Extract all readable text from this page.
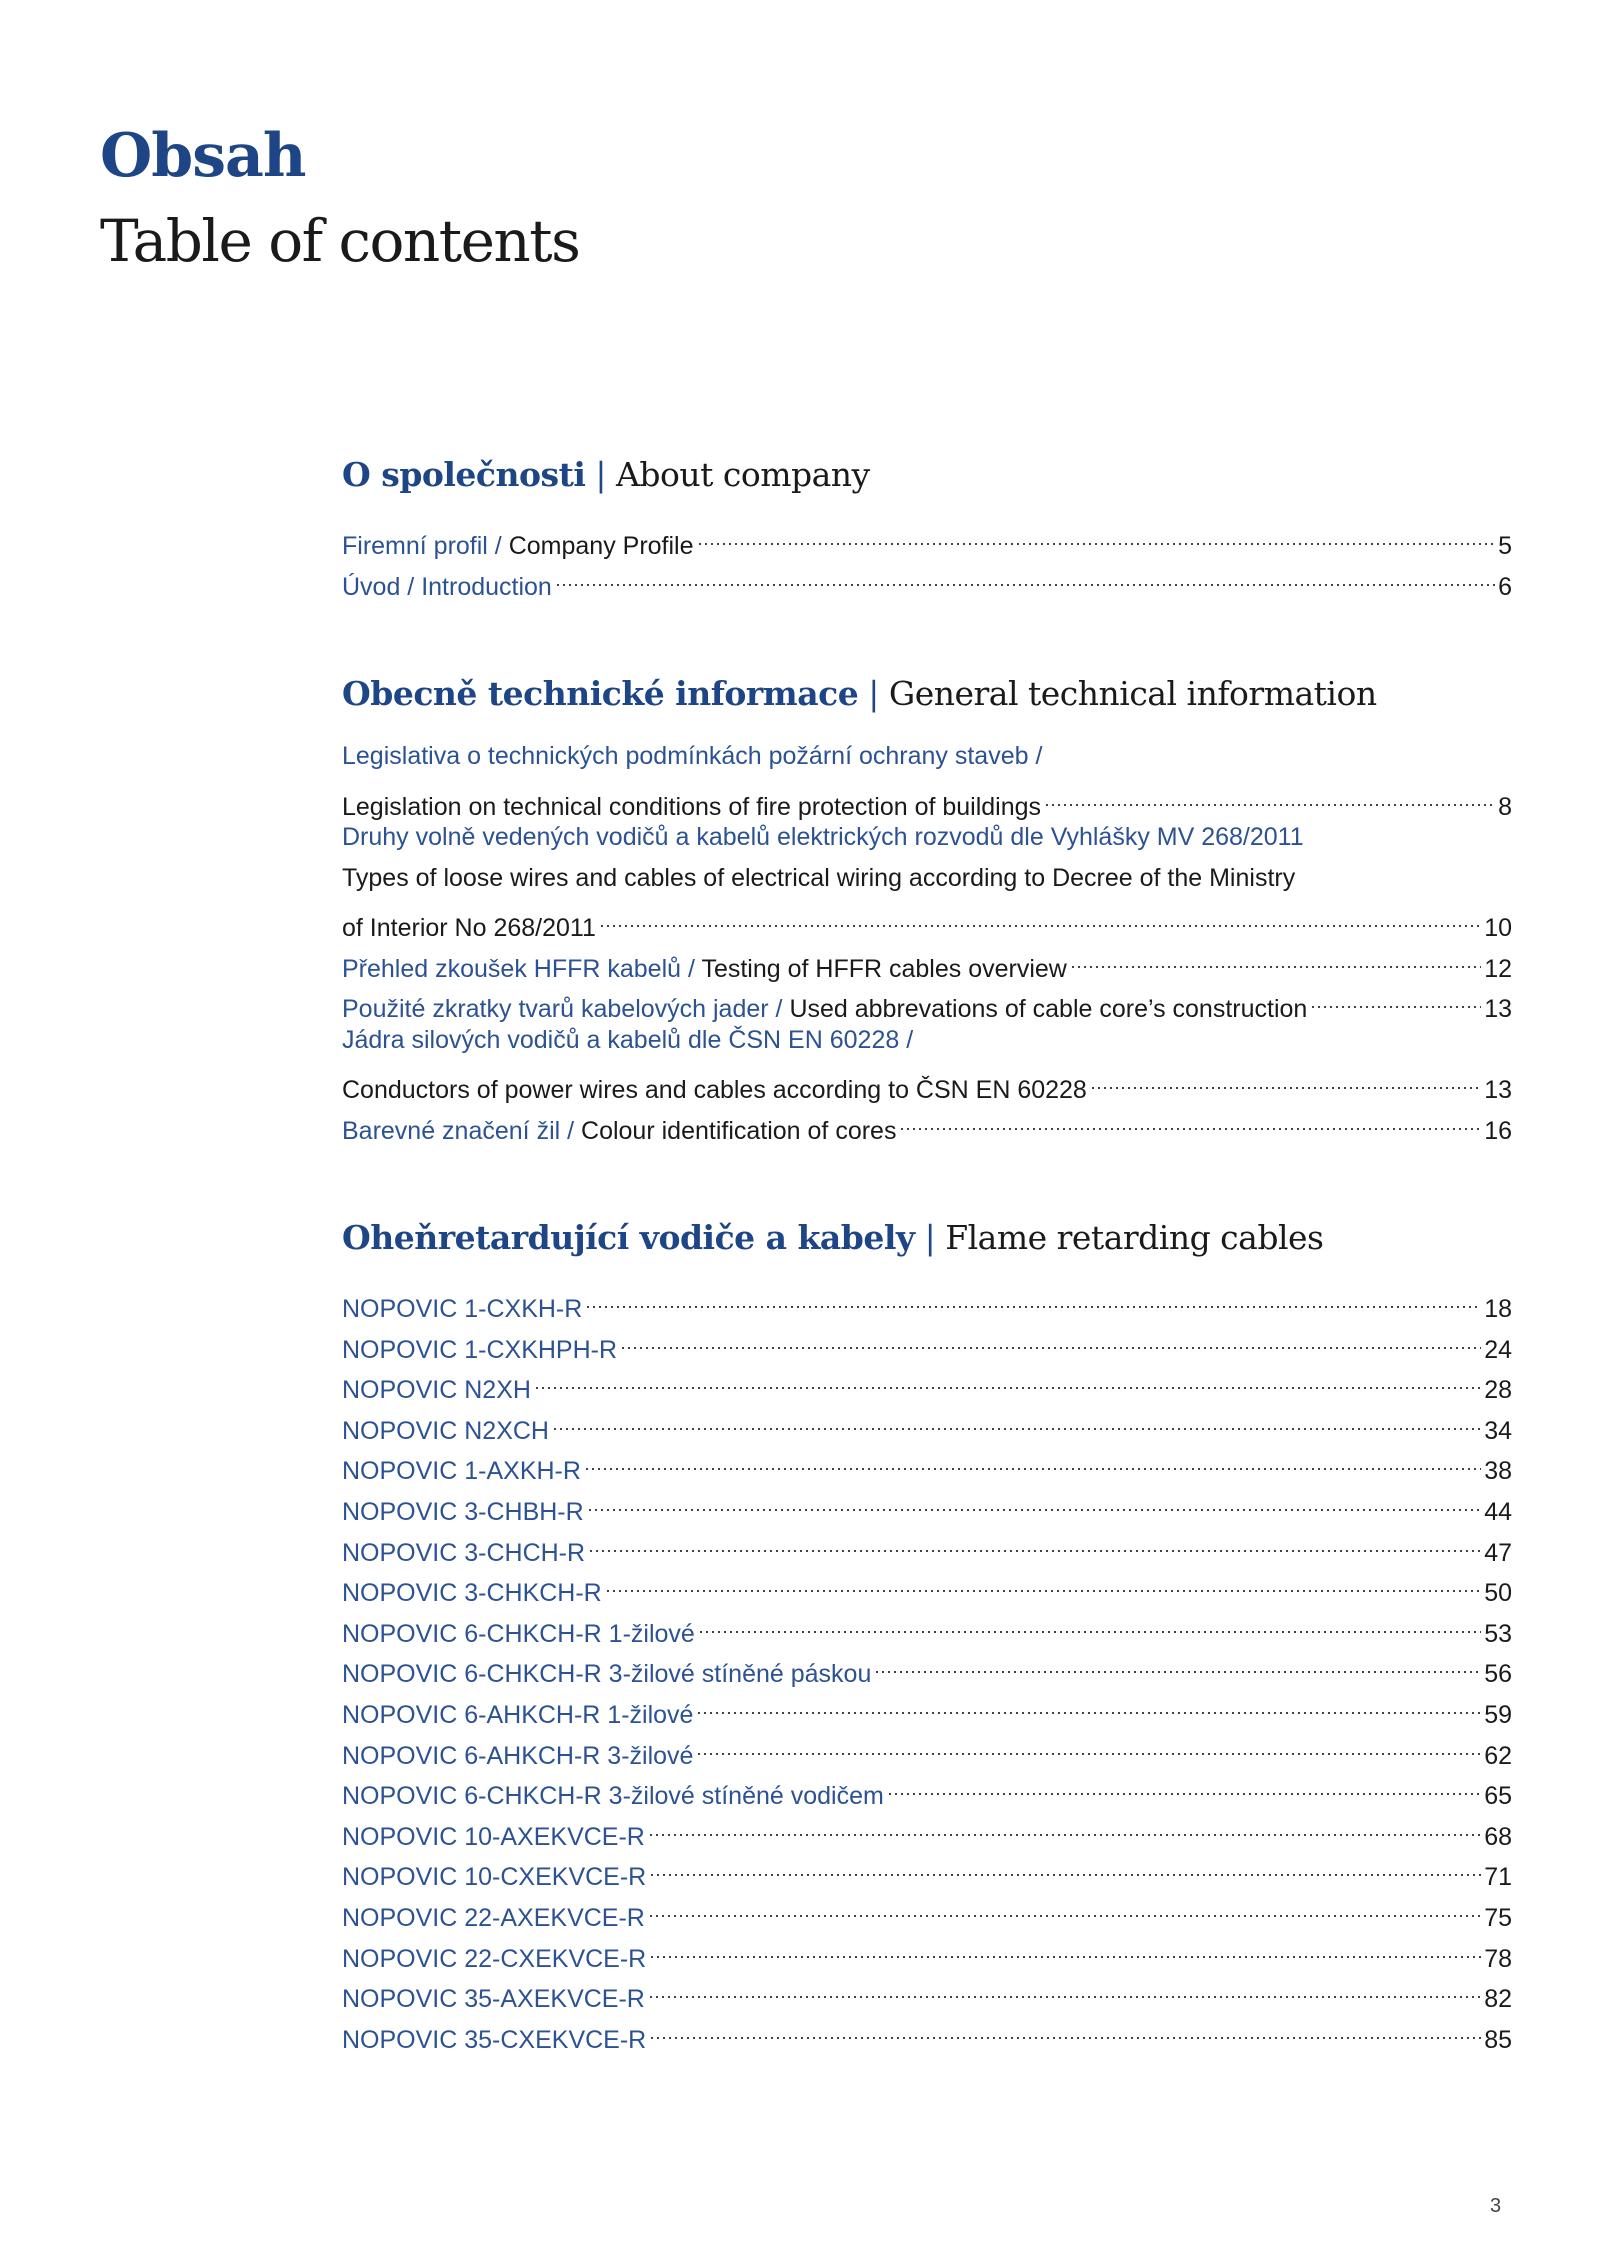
Obsah
Table of contents
O společnosti | About company
Firemní profil / Company Profile	5
Úvod / Introduction	6
Obecně technické informace | General technical information
Legislativa o technických podmínkách požární ochrany staveb /
Legislation on technical conditions of fire protection of buildings	8
Druhy volně vedených vodičů a kabelů elektrických rozvodů dle Vyhlášky MV 268/2011
Types of loose wires and cables of electrical wiring according to Decree of the Ministry
of Interior No 268/2011	10
Přehled zkoušek HFFR kabelů / Testing of HFFR cables overview	12
Použité zkratky tvarů kabelových jader / Used abbrevations of cable core’s construction	13
Jádra silových vodičů a kabelů dle ČSN EN 60228 /
Conductors of power wires and cables according to ČSN EN 60228	13
Barevné značení žil / Colour identification of cores	16
Oheňretardující vodiče a kabely | Flame retarding cables
NOPOVIC 1-CXKH-R	18
NOPOVIC 1-CXKHPH-R	24
NOPOVIC N2XH	28
NOPOVIC N2XCH	34
NOPOVIC 1-AXKH-R	38
NOPOVIC 3-CHBH-R	44
NOPOVIC 3-CHCH-R	47
NOPOVIC 3-CHKCH-R	50
NOPOVIC 6-CHKCH-R 1-žilové	53
NOPOVIC 6-CHKCH-R 3-žilové stíněné páskou	56
NOPOVIC 6-AHKCH-R 1-žilové	59
NOPOVIC 6-AHKCH-R 3-žilové	62
NOPOVIC 6-CHKCH-R 3-žilové stíněné vodičem	65
NOPOVIC 10-AXEKVCE-R	68
NOPOVIC 10-CXEKVCE-R	71
NOPOVIC 22-AXEKVCE-R	75
NOPOVIC 22-CXEKVCE-R	78
NOPOVIC 35-AXEKVCE-R	82
NOPOVIC 35-CXEKVCE-R	85
3
